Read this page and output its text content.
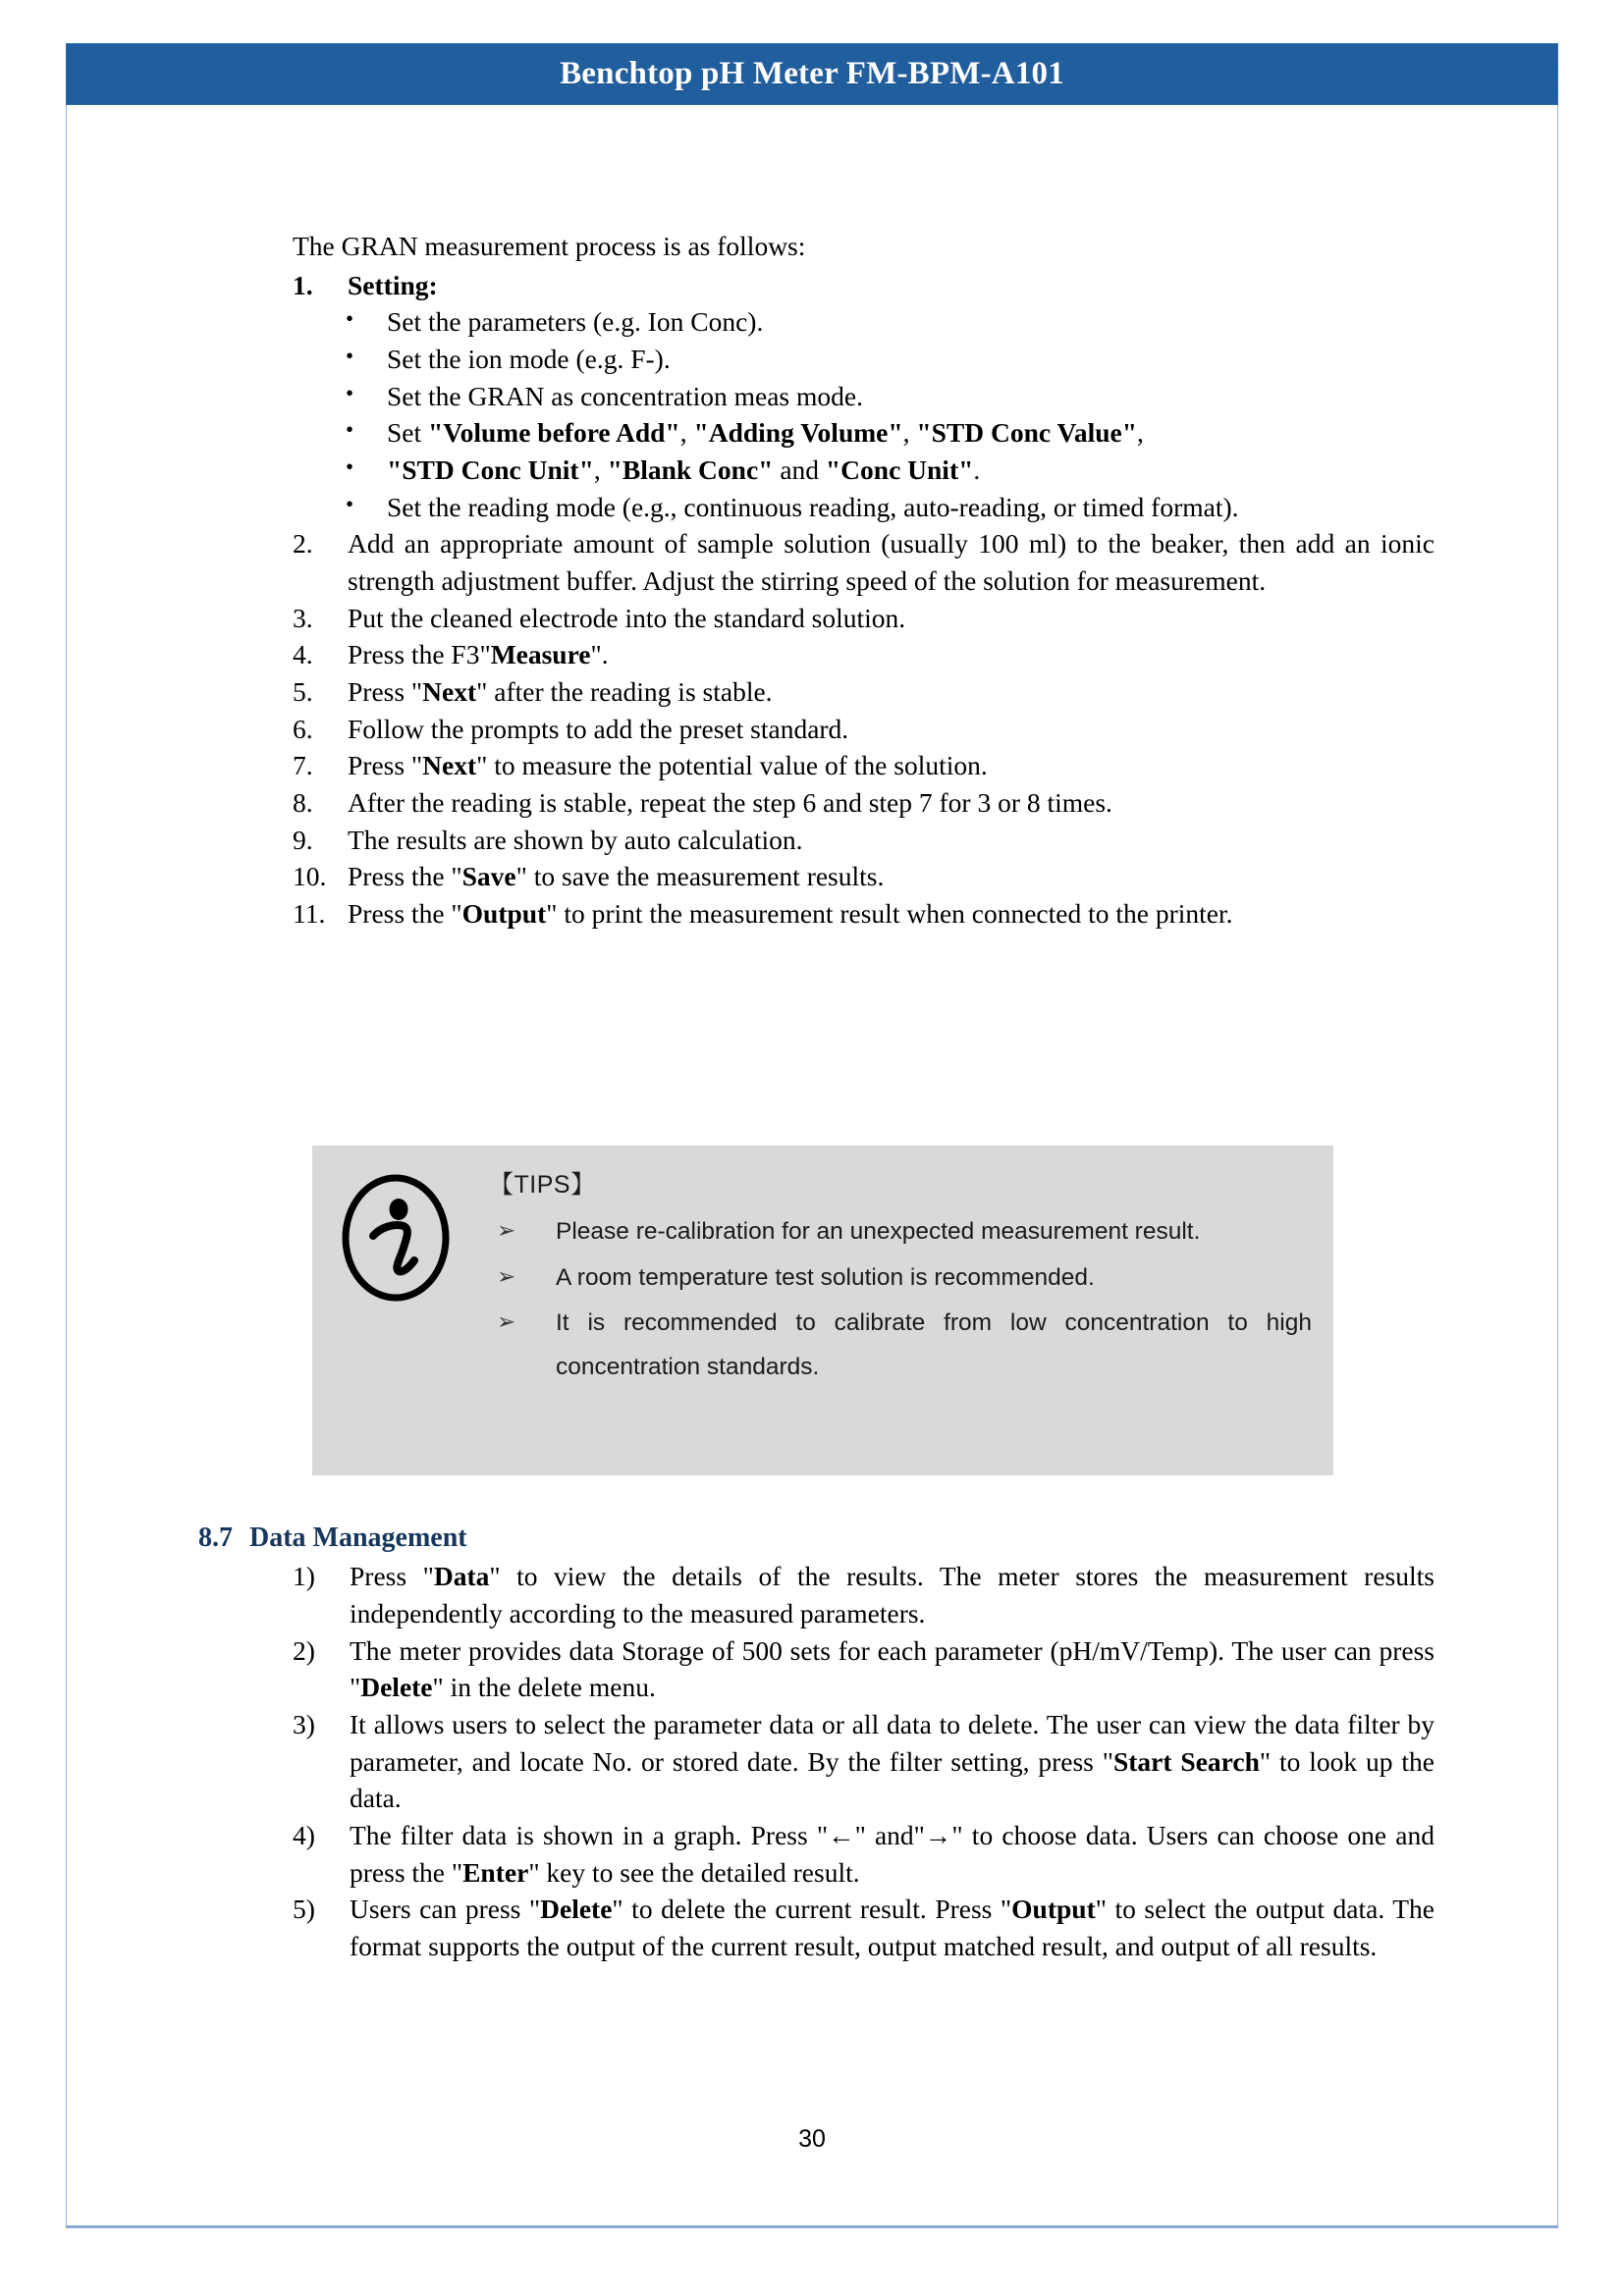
Benchtop pH Meter FM-BPM-A101

The GRAN measurement process is as follows:

1.	Setting:
• Set the parameters (e.g. Ion Conc).
• Set the ion mode (e.g. F-).
• Set the GRAN as concentration meas mode.
• Set "Volume before Add", "Adding Volume", "STD Conc Value",
• "STD Conc Unit", "Blank Conc" and "Conc Unit".
• Set the reading mode (e.g., continuous reading, auto-reading, or timed format).
2.	Add an appropriate amount of sample solution (usually 100 ml) to the beaker, then add an ionic strength adjustment buffer. Adjust the stirring speed of the solution for measurement.
3.	Put the cleaned electrode into the standard solution.
4.	Press the F3"Measure".
5.	Press "Next" after the reading is stable.
6.	Follow the prompts to add the preset standard.
7.	Press "Next" to measure the potential value of the solution.
8.	After the reading is stable, repeat the step 6 and step 7 for 3 or 8 times.
9.	The results are shown by auto calculation.
10. Press the "Save" to save the measurement results.
11. Press the "Output" to print the measurement result when connected to the printer.
【TIPS】
➢ Please re-calibration for an unexpected measurement result.
➢ A room temperature test solution is recommended.
➢ It is recommended to calibrate from low concentration to high concentration standards.
8.7 Data Management
1)	Press "Data" to view the details of the results. The meter stores the measurement results independently according to the measured parameters.
2)	The meter provides data Storage of 500 sets for each parameter (pH/mV/Temp). The user can press "Delete" in the delete menu.
3)	It allows users to select the parameter data or all data to delete. The user can view the data filter by parameter, and locate No. or stored date. By the filter setting, press "Start Search" to look up the data.
4)	The filter data is shown in a graph. Press "←" and"→" to choose data. Users can choose one and press the "Enter" key to see the detailed result.
5)	Users can press "Delete" to delete the current result. Press "Output" to select the output data. The format supports the output of the current result, output matched result, and output of all results.
30
